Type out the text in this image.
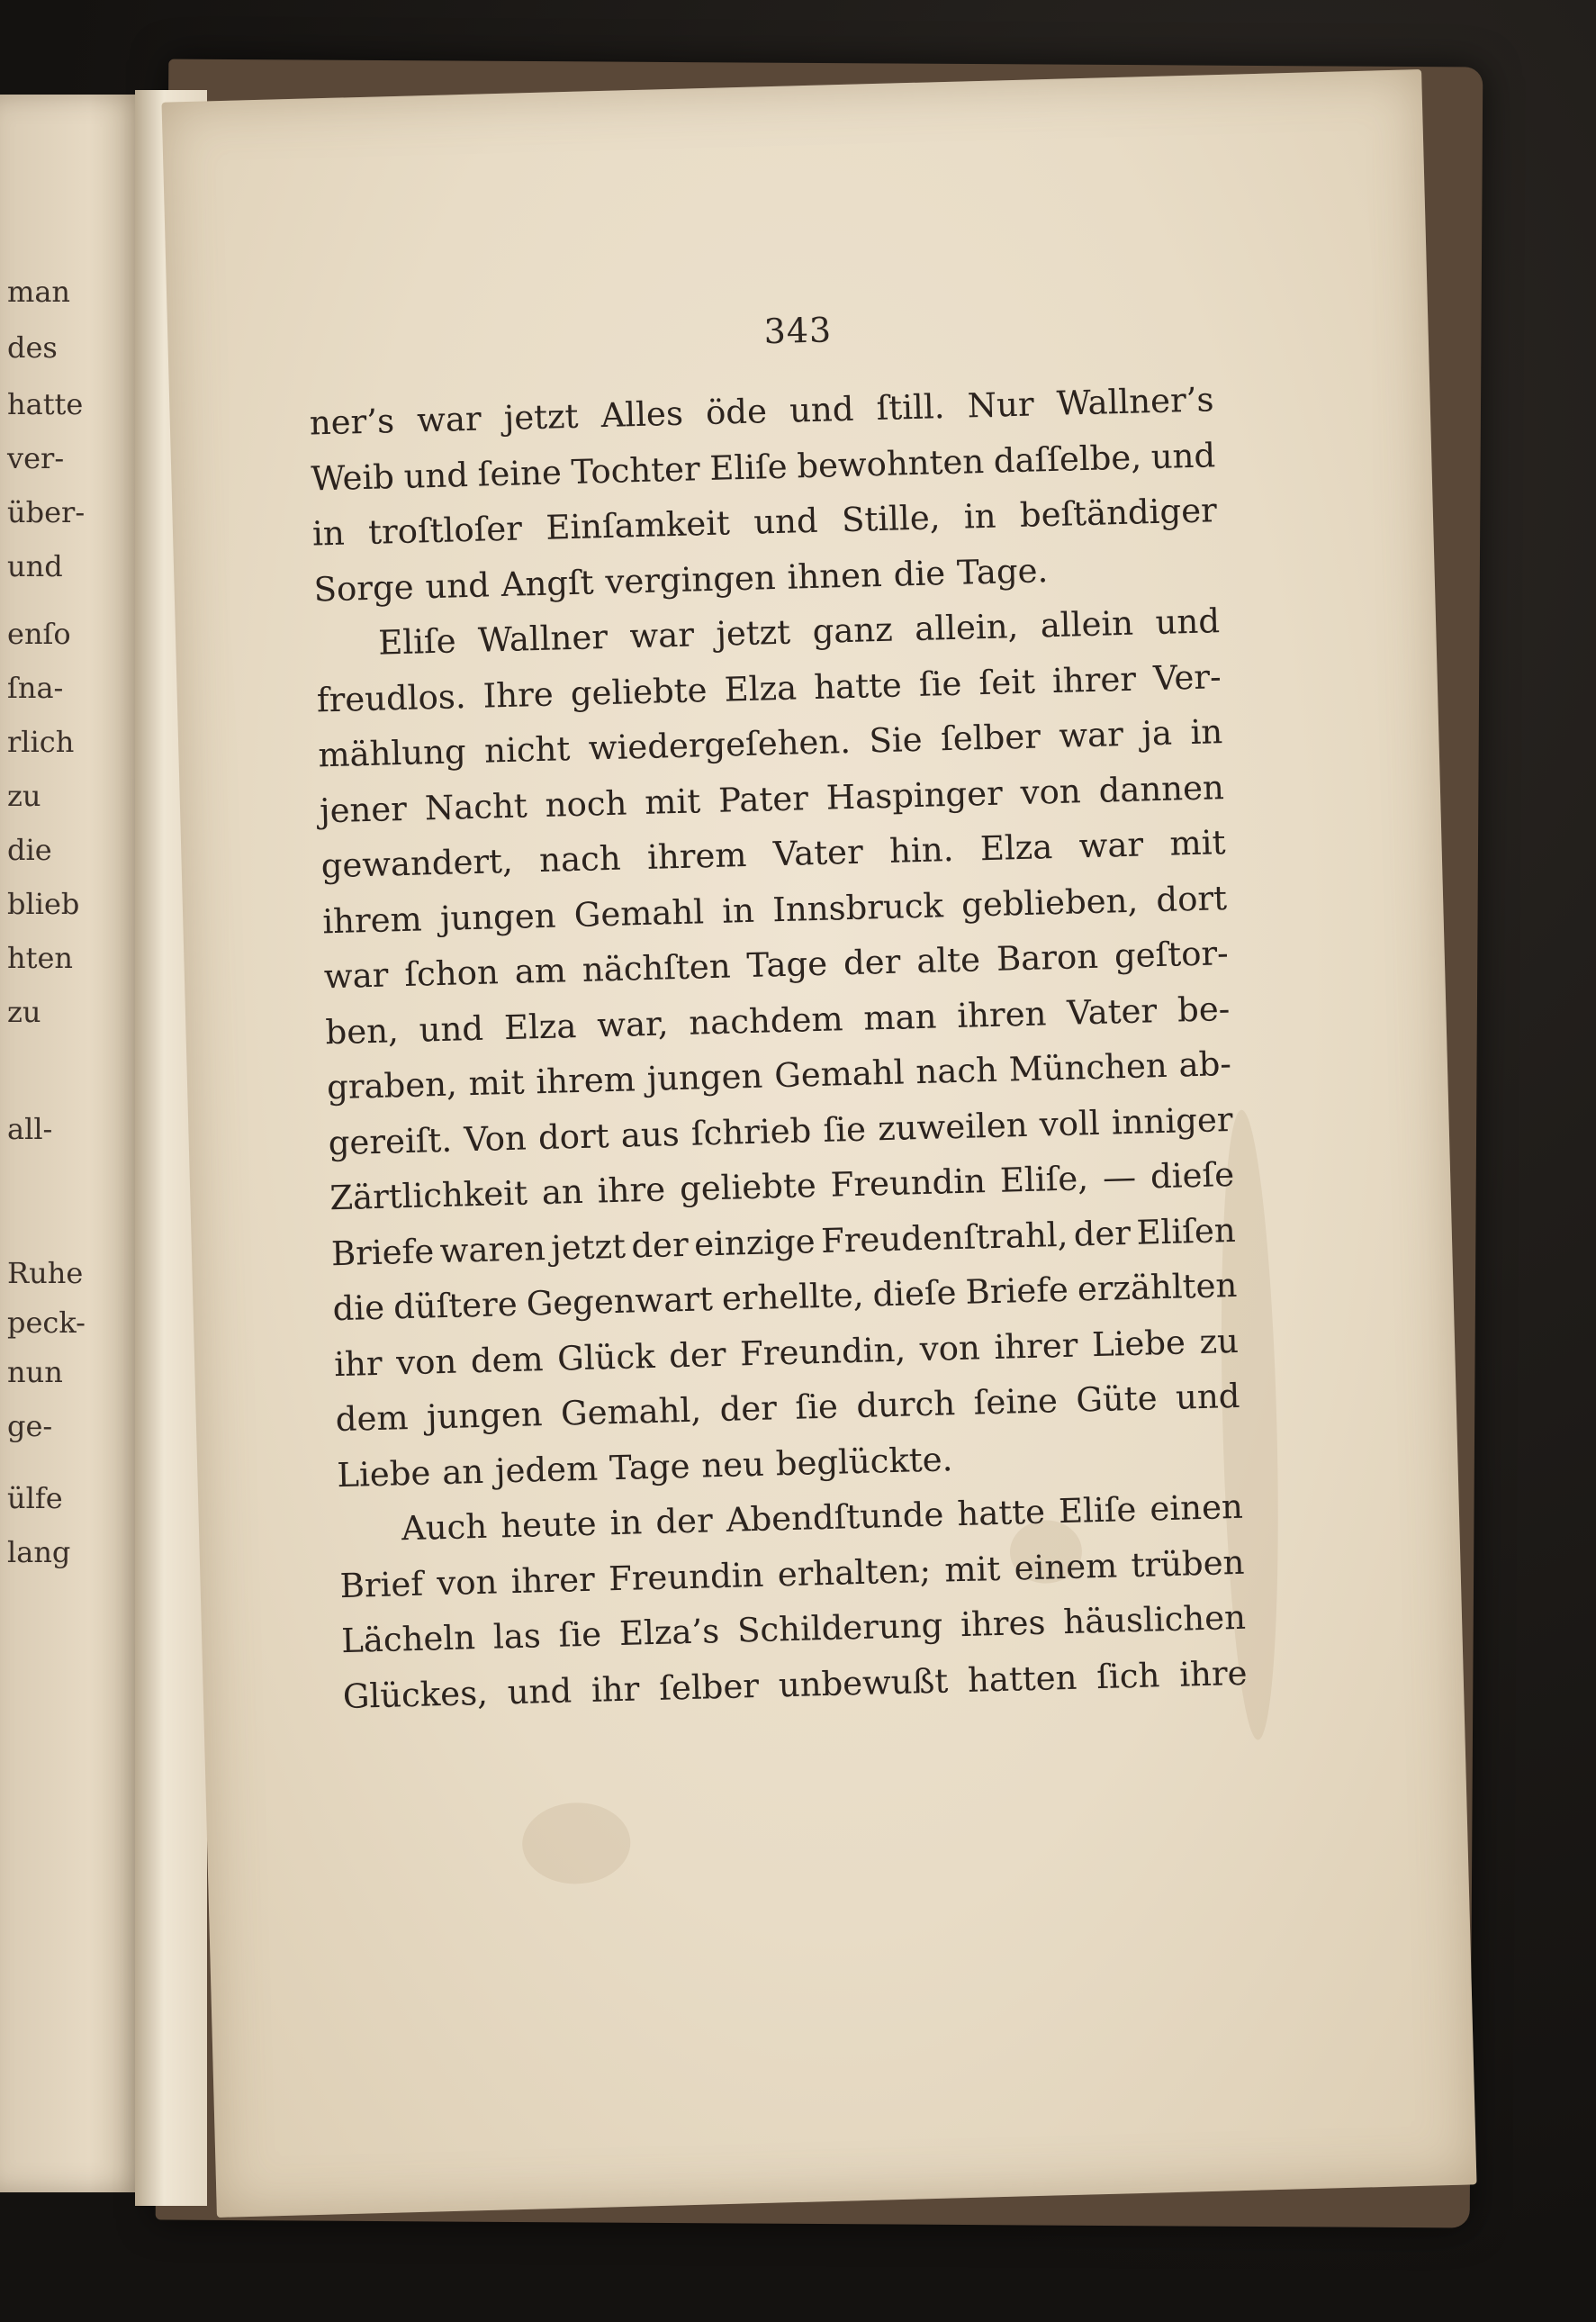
man
des
hatte
ver-
über-
und
enſo
ſna-
rlich
zu
die
blieb
hten
zu
all-
Ruhe
peck-
nun
ge-
ülfe
lang
343
ner’s war jetzt Alles öde und ſtill. Nur Wallner’s
Weib und ſeine Tochter Eliſe bewohnten daſſelbe, und
in troſtloſer Einſamkeit und Stille, in beſtändiger
Sorge und Angſt vergingen ihnen die Tage.
Eliſe Wallner war jetzt ganz allein, allein und
freudlos. Ihre geliebte Elza hatte ſie ſeit ihrer Ver-
mählung nicht wiedergeſehen. Sie ſelber war ja in
jener Nacht noch mit Pater Haspinger von dannen
gewandert, nach ihrem Vater hin. Elza war mit
ihrem jungen Gemahl in Innsbruck geblieben, dort
war ſchon am nächſten Tage der alte Baron geſtor-
ben, und Elza war, nachdem man ihren Vater be-
graben, mit ihrem jungen Gemahl nach München ab-
gereiſt. Von dort aus ſchrieb ſie zuweilen voll inniger
Zärtlichkeit an ihre geliebte Freundin Eliſe, — dieſe
Briefe waren jetzt der einzige Freudenſtrahl, der Eliſen
die düſtere Gegenwart erhellte, dieſe Briefe erzählten
ihr von dem Glück der Freundin, von ihrer Liebe zu
dem jungen Gemahl, der ſie durch ſeine Güte und
Liebe an jedem Tage neu beglückte.
Auch heute in der Abendſtunde hatte Eliſe einen
Brief von ihrer Freundin erhalten; mit einem trüben
Lächeln las ſie Elza’s Schilderung ihres häuslichen
Glückes, und ihr ſelber unbewußt hatten ſich ihre
